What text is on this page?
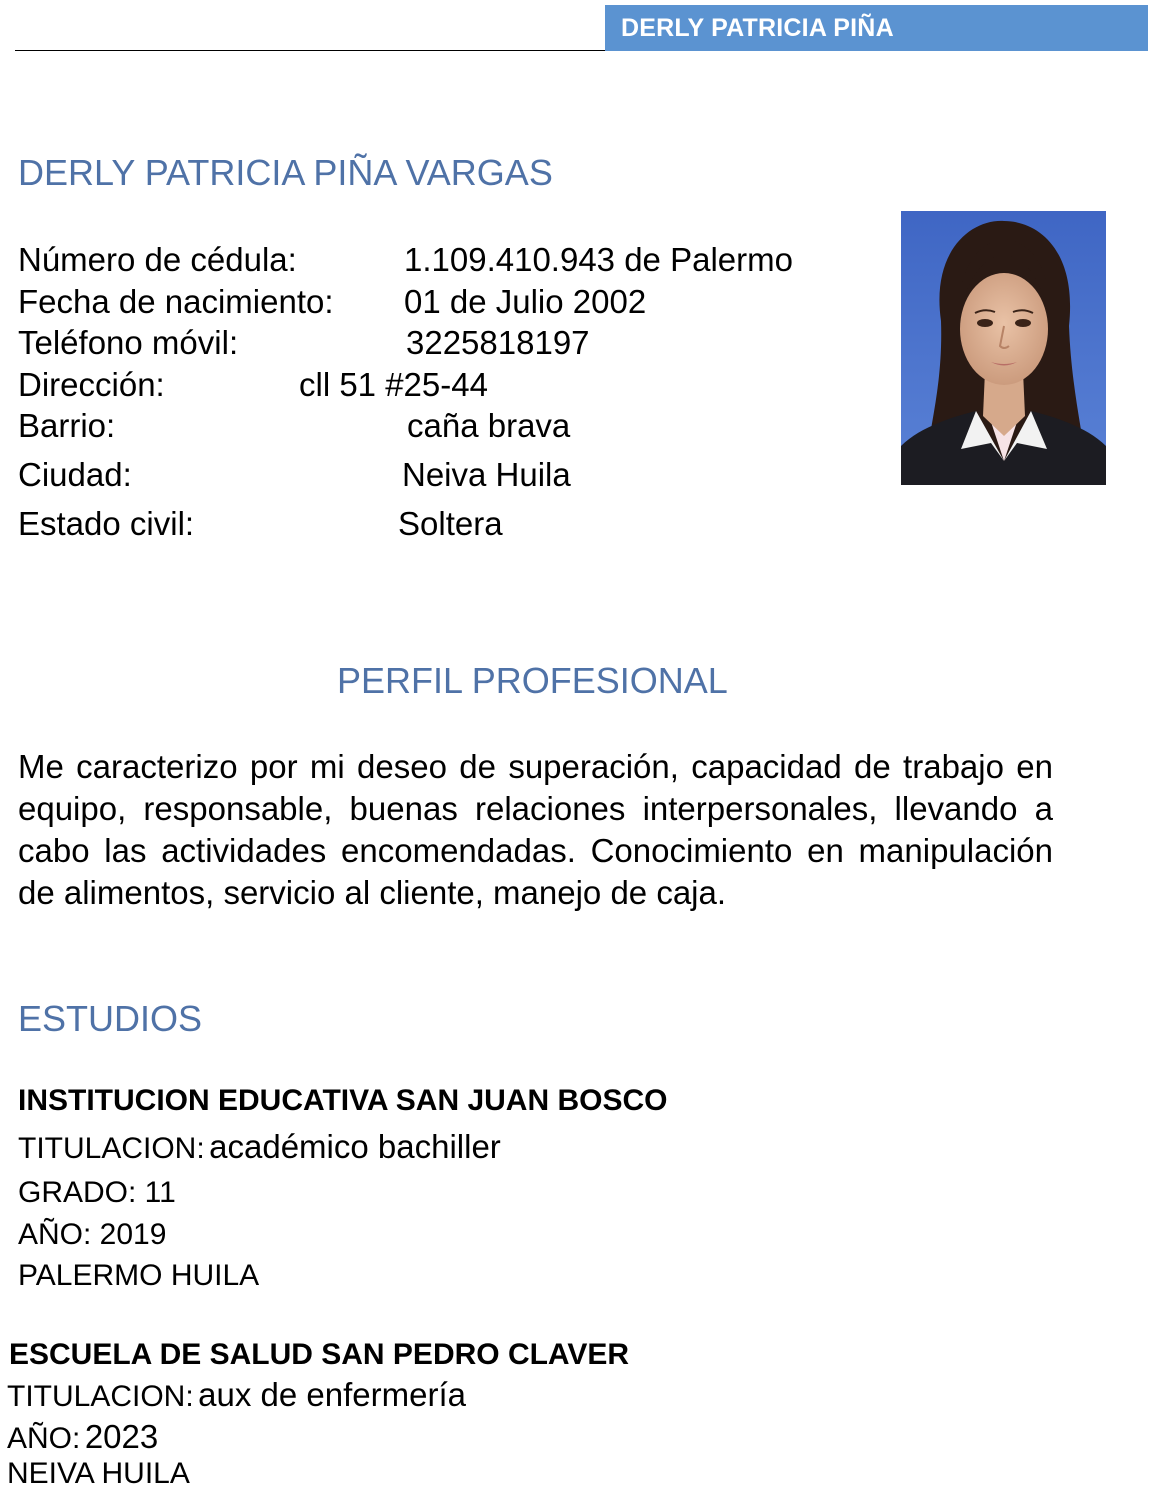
DERLY PATRICIA PIÑA
DERLY PATRICIA PIÑA VARGAS
Número de cédula:	1.109.410.943 de Palermo
Fecha de nacimiento: 01 de Julio 2002
Teléfono móvil:	3225818197
Dirección:	cll 51 #25-44
Barrio:	caña brava
Ciudad:	Neiva Huila
Estado civil:	Soltera
PERFIL PROFESIONAL
Me caracterizo por mi deseo de superación, capacidad de trabajo en equipo, responsable, buenas relaciones interpersonales, llevando a cabo las actividades encomendadas. Conocimiento en manipulación de alimentos, servicio al cliente, manejo de caja.
ESTUDIOS
INSTITUCION EDUCATIVA SAN JUAN BOSCO
TITULACION: académico bachiller
GRADO: 11
AÑO: 2019
PALERMO HUILA
ESCUELA DE SALUD SAN PEDRO CLAVER
TITULACION: aux de enfermería
AÑO: 2023
NEIVA HUILA
